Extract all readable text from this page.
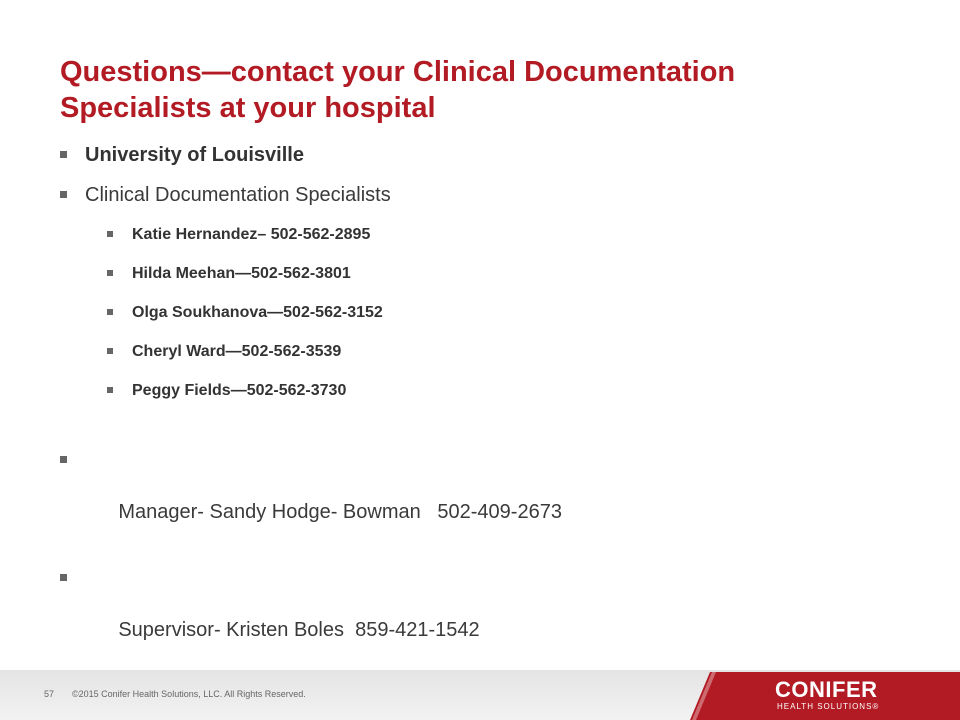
Questions—contact your Clinical Documentation
Specialists at your hospital
University of Louisville
Clinical Documentation Specialists
Katie Hernandez– 502-562-2895
Hilda Meehan—502-562-3801
Olga Soukhanova—502-562-3152
Cheryl Ward—502-562-3539
Peggy Fields—502-562-3730

Manager- Sandy Hodge- Bowman   502-409-2673

Supervisor- Kristen Boles  859-421-1542

57 ©2015 Conifer Health Solutions, LLC. All Rights Reserved.	CONIFER
HEALTH SOLUTIONS®
